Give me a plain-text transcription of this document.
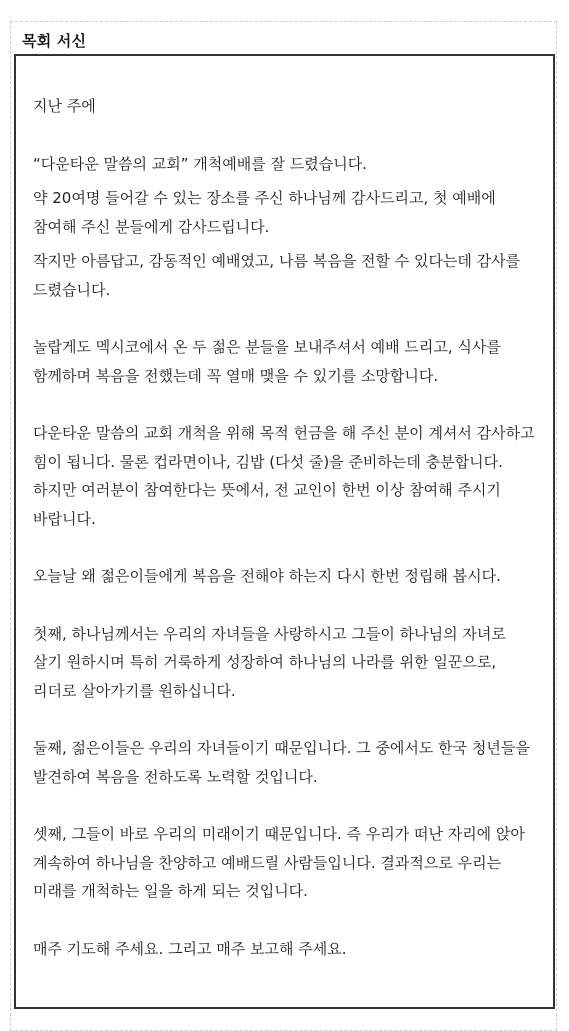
목회 서신

지난 주에

“다운타운 말씀의 교회” 개척예배를 잘 드렸습니다.

약 20여명 들어갈 수 있는 장소를 주신 하나님께 감사드리고, 첫 예배에 참여해 주신 분들에게 감사드립니다.

작지만 아름답고, 감동적인 예배였고, 나름 복음을 전할 수 있다는데 감사를 드렸습니다.

놀랍게도 멕시코에서 온 두 젊은 분들을 보내주셔서 예배 드리고, 식사를 함께하며 복음을 전했는데 꼭 열매 맺을 수 있기를 소망합니다.

다운타운 말씀의 교회 개척을 위해 목적 헌금을 해 주신 분이 계셔서 감사하고 힘이 됩니다. 물론 컵라면이나, 김밥 (다섯 줄)을 준비하는데 충분합니다. 하지만 여러분이 참여한다는 뜻에서, 전 교인이 한번 이상 참여해 주시기 바랍니다.

오늘날 왜 젊은이들에게 복음을 전해야 하는지 다시 한번 정립해 봅시다.

첫째, 하나님께서는 우리의 자녀들을 사랑하시고 그들이 하나님의 자녀로 살기 원하시며 특히 거룩하게 성장하여 하나님의 나라를 위한 일꾼으로, 리더로 살아가기를 원하십니다.

둘째, 젊은이들은 우리의 자녀들이기 때문입니다. 그 중에서도 한국 청년들을 발견하여 복음을 전하도록 노력할 것입니다.

셋째, 그들이 바로 우리의 미래이기 때문입니다. 즉 우리가 떠난 자리에 앉아 계속하여 하나님을 찬양하고 예배드릴 사람들입니다. 결과적으로 우리는 미래를 개척하는 일을 하게 되는 것입니다.

매주 기도해 주세요. 그리고 매주 보고해 주세요.
